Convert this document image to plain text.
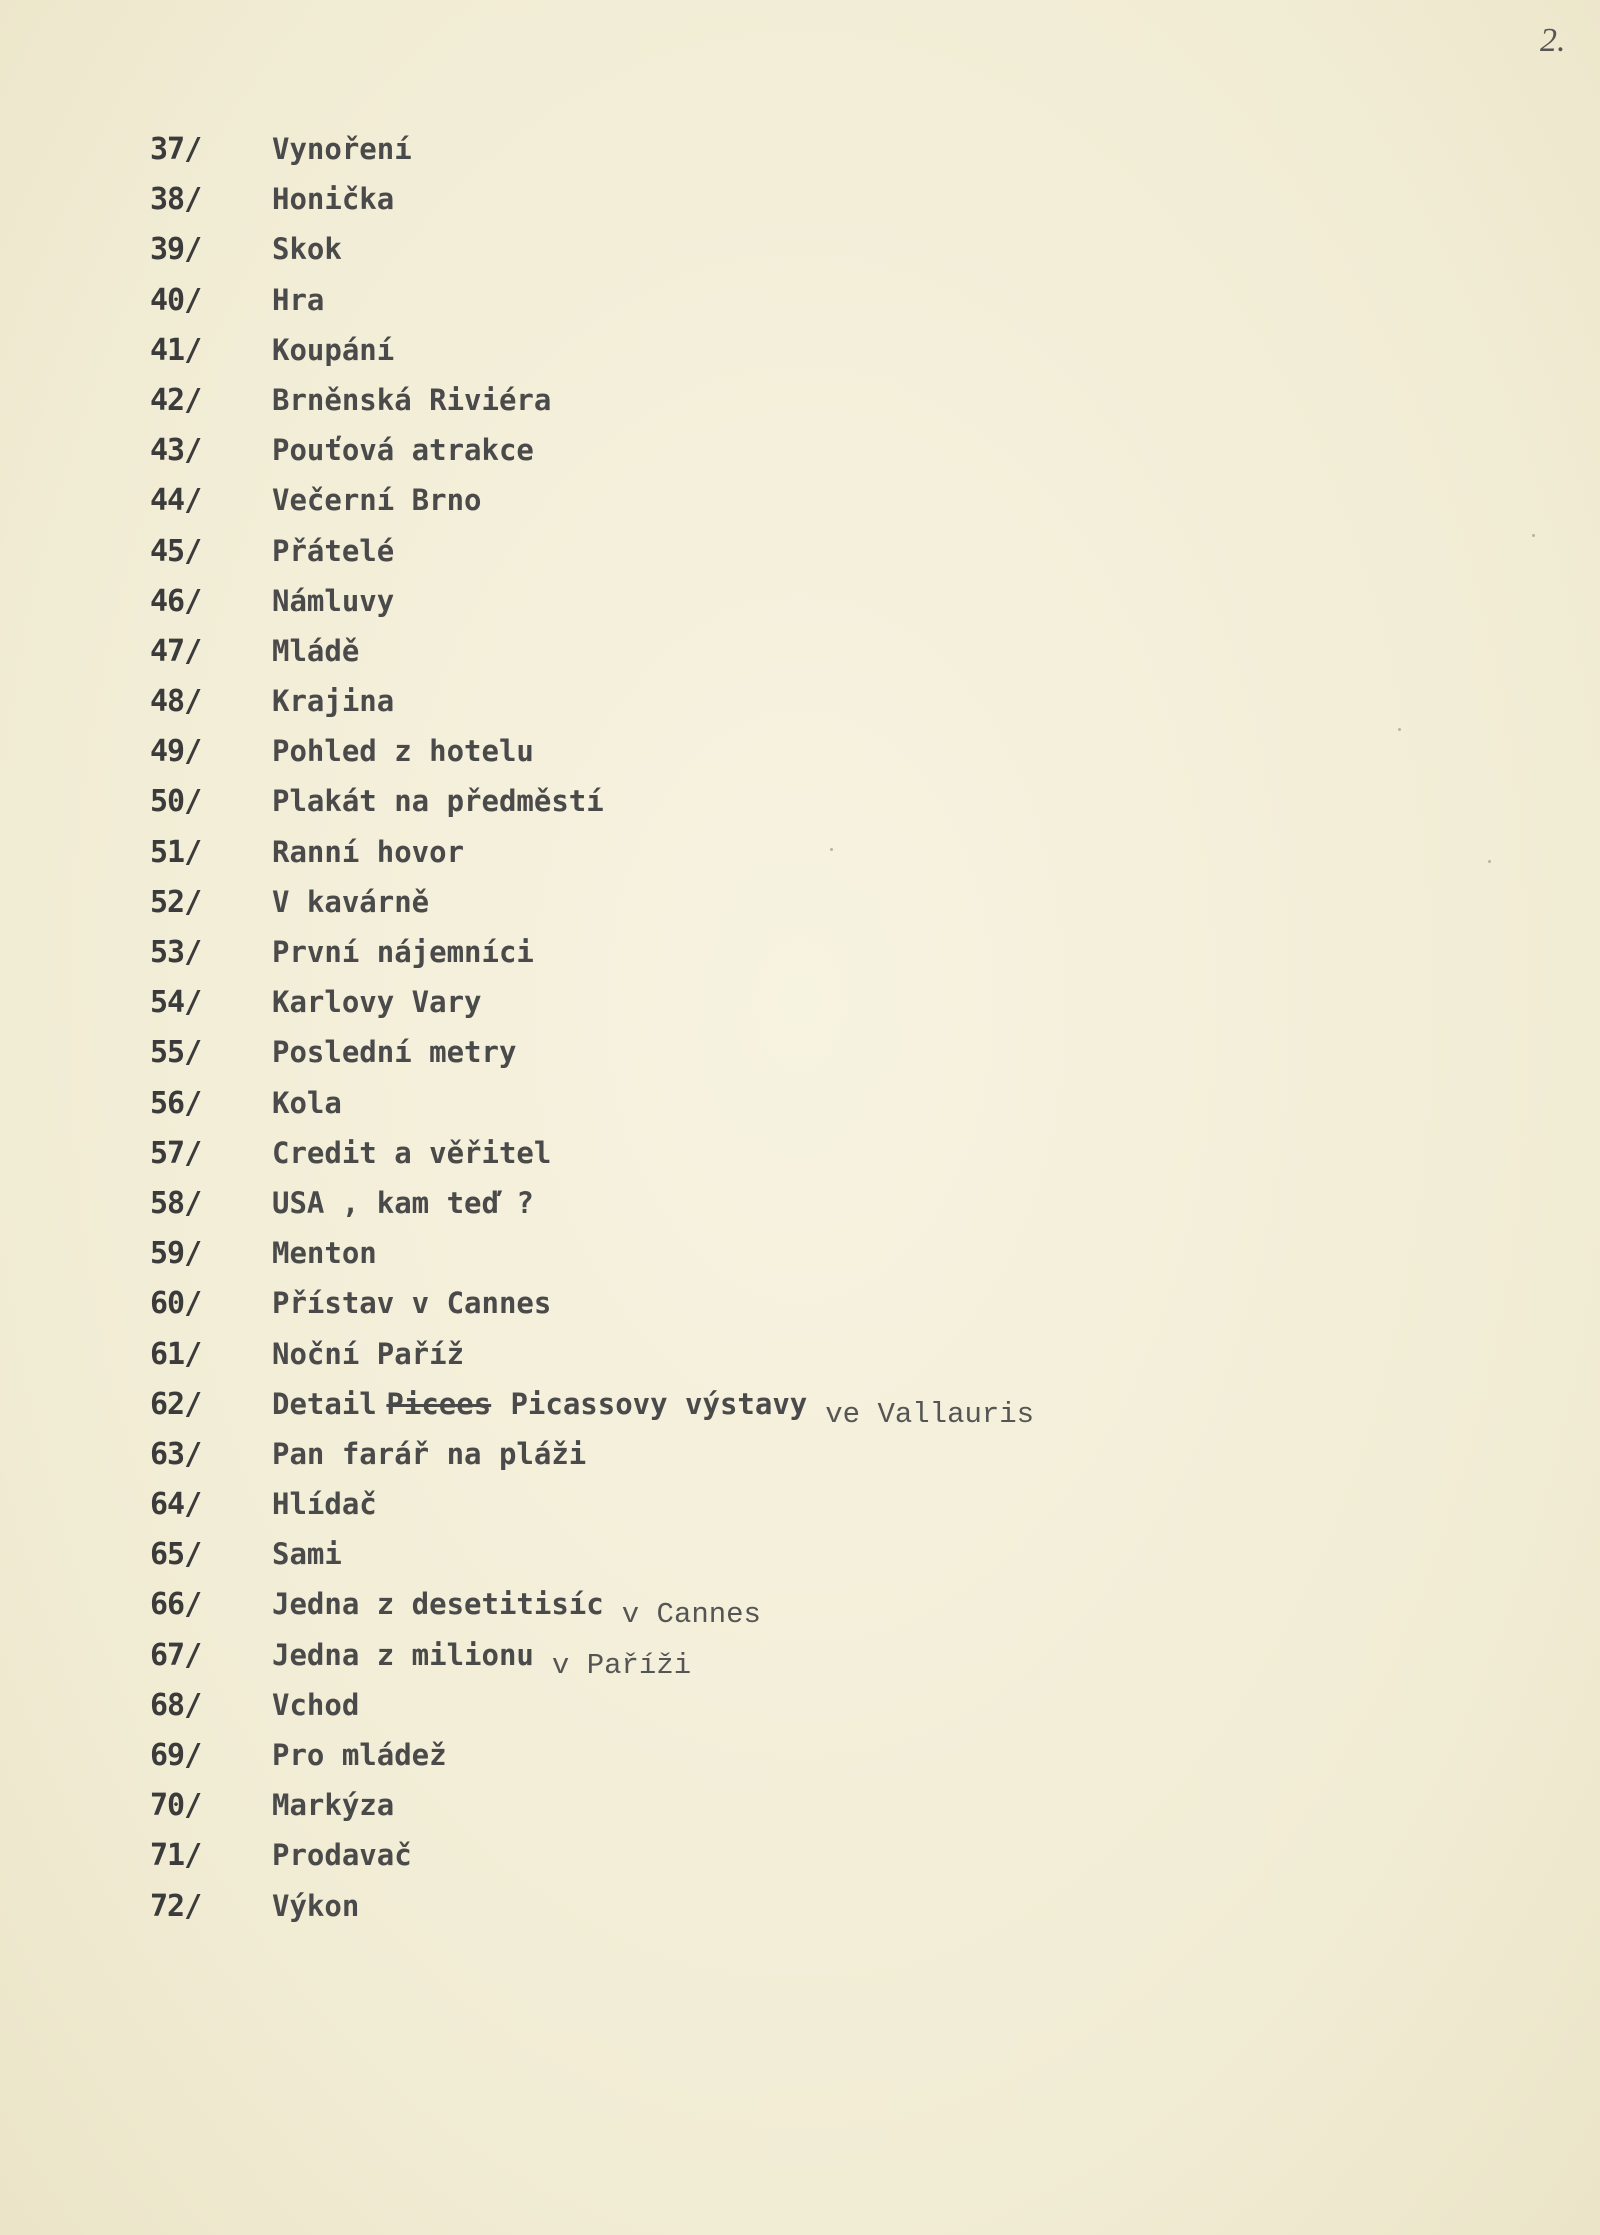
2.
37/ Vynoření
38/ Honička
39/ Skok
40/ Hra
41/ Koupání
42/ Brněnská Riviéra
43/ Pouťová atrakce
44/ Večerní Brno
45/ Přátelé
46/ Námluvy
47/ Mládě
48/ Krajina
49/ Pohled z hotelu
50/ Plakát na předměstí
51/ Ranní hovor
52/ V kavárně
53/ První nájemníci
54/ Karlovy Vary
55/ Poslední metry
56/ Kola
57/ Credit a věřitel
58/ USA , kam teď ?
59/ Menton
60/ Přístav v Cannes
61/ Noční Paříž
62/ Detail Picees Picassovy výstavy ve Vallauris
63/ Pan farář na pláži
64/ Hlídač
65/ Sami
66/ Jedna z desetitisíc v Cannes
67/ Jedna z milionu v Paříži
68/ Vchod
69/ Pro mládež
70/ Markýza
71/ Prodavač
72/ Výkon
